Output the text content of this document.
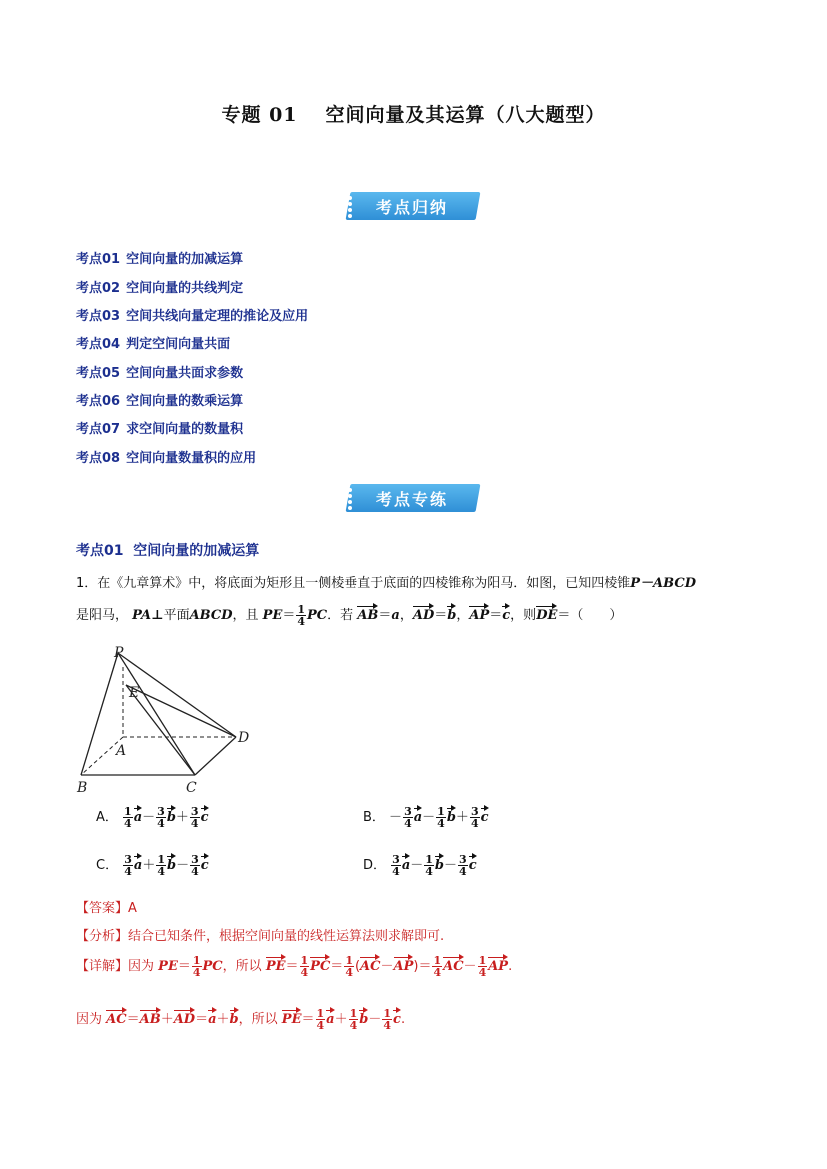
专题 01 空间向量及其运算（八大题型）
考点归纳
考点01 空间向量的加减运算
考点02 空间向量的共线判定
考点03 空间共线向量定理的推论及应用
考点04 判定空间向量共面
考点05 空间向量共面求参数
考点06 空间向量的数乘运算
考点07 求空间向量的数量积
考点08 空间向量数量积的应用
考点专练
考点01 空间向量的加减运算
1．在《九章算术》中，将底面为矩形且一侧棱垂直于底面的四棱锥称为阳马．如图，已知四棱锥P－ABCD
是阳马， PA⊥平面ABCD，且 $PE= \frac{1}{4}$ PC．若 AB＝a，AD＝b，AP＝c，则DE＝（　　）
P
E
A
B	C
D
A． $\frac{1}{4} a- \frac{3}{4} b+ \frac{3}{4}$ c	B． － $\frac{3}{4} a- \frac{1}{4} b+ \frac{3}{4}$ c
C． $\frac{3}{4} a+ \frac{1}{4} b- \frac{3}{4}$ c	D． $\frac{3}{4} a- \frac{1}{4} b- \frac{3}{4}$ c
【答案】A
【分析】结合已知条件，根据空间向量的线性运算法则求解即可.
【详解】因为 $PE= \frac{1}{4}$ PC，所以 $PE= \frac{1}{4} PC= \frac{1}{4} (AC-AP)= \frac{1}{4} AC- \frac{1}{4}$ AP.
因为 AC＝AB＋AD＝a＋b，所以 $PE= \frac{1}{4} a+ \frac{1}{4} b- \frac{1}{4} c$.
